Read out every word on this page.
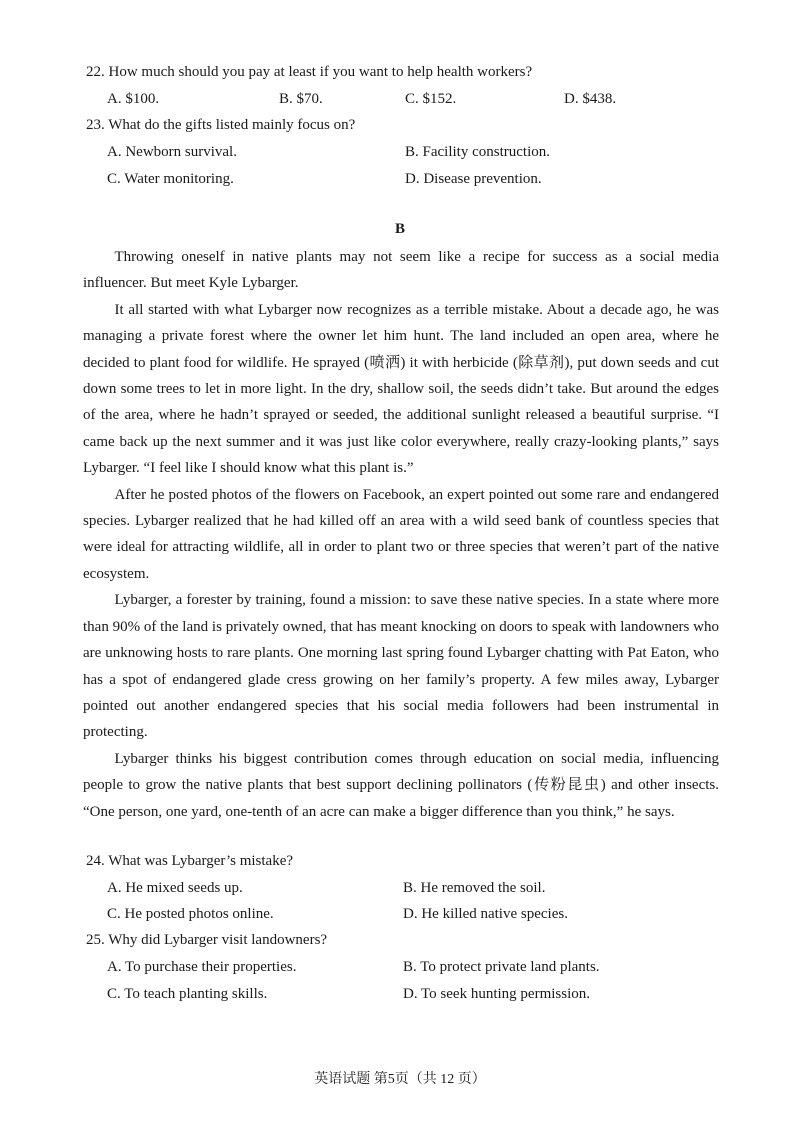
22. How much should you pay at least if you want to help health workers?
A. $100.	B. $70.	C. $152.	D. $438.
23. What do the gifts listed mainly focus on?
A. Newborn survival.	B. Facility construction.
C. Water monitoring.	D. Disease prevention.
B

Throwing oneself in native plants may not seem like a recipe for success as a social media influencer. But meet Kyle Lybarger.

It all started with what Lybarger now recognizes as a terrible mistake. About a decade ago, he was managing a private forest where the owner let him hunt. The land included an open area, where he decided to plant food for wildlife. He sprayed (喷洒) it with herbicide (除草剂), put down seeds and cut down some trees to let in more light. In the dry, shallow soil, the seeds didn’t take. But around the edges of the area, where he hadn’t sprayed or seeded, the additional sunlight released a beautiful surprise. “I came back up the next summer and it was just like color everywhere, really crazy-looking plants,” says Lybarger. “I feel like I should know what this plant is.”

After he posted photos of the flowers on Facebook, an expert pointed out some rare and endangered species. Lybarger realized that he had killed off an area with a wild seed bank of countless species that were ideal for attracting wildlife, all in order to plant two or three species that weren’t part of the native ecosystem.

Lybarger, a forester by training, found a mission: to save these native species. In a state where more than 90% of the land is privately owned, that has meant knocking on doors to speak with landowners who are unknowing hosts to rare plants. One morning last spring found Lybarger chatting with Pat Eaton, who has a spot of endangered glade cress growing on her family’s property. A few miles away, Lybarger pointed out another endangered species that his social media followers had been instrumental in protecting.

Lybarger thinks his biggest contribution comes through education on social media, influencing people to grow the native plants that best support declining pollinators (传粉昆虫) and other insects. “One person, one yard, one-tenth of an acre can make a bigger difference than you think,” he says.

24. What was Lybarger’s mistake?
A. He mixed seeds up.	B. He removed the soil.
C. He posted photos online.	D. He killed native species.
25. Why did Lybarger visit landowners?
A. To purchase their properties.	B. To protect private land plants.
C. To teach planting skills.	D. To seek hunting permission.
英语试题 第5页（共 12 页）
